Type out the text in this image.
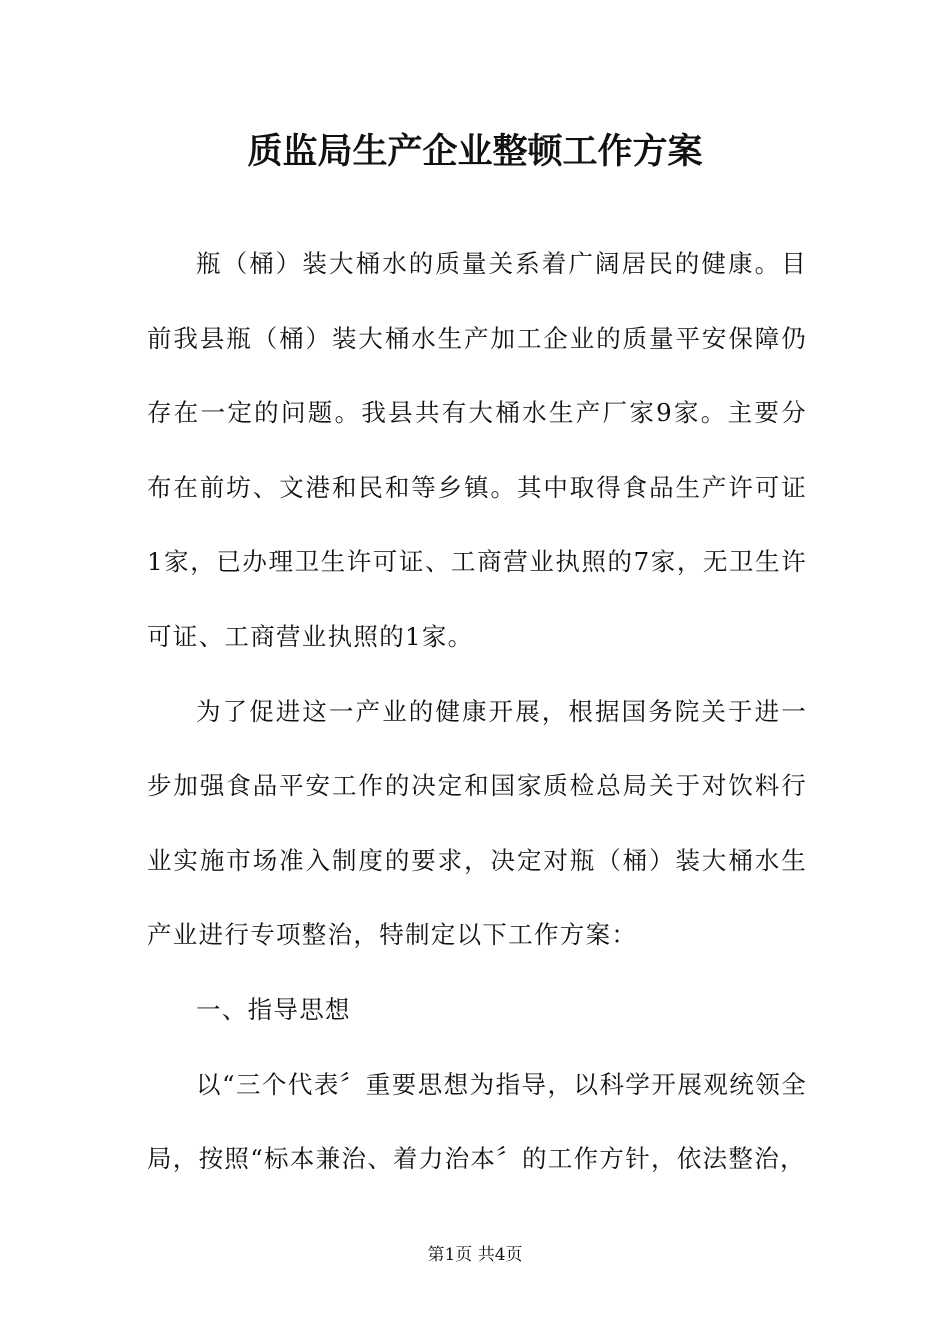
质监局生产企业整顿工作方案

瓶（桶）装大桶水的质量关系着广阔居民的健康。目前我县瓶（桶）装大桶水生产加工企业的质量平安保障仍存在一定的问题。我县共有大桶水生产厂家9家。主要分布在前坊、文港和民和等乡镇。其中取得食品生产许可证1家，已办理卫生许可证、工商营业执照的7家，无卫生许可证、工商营业执照的1家。

为了促进这一产业的健康开展，根据国务院关于进一步加强食品平安工作的决定和国家质检总局关于对饮料行业实施市场准入制度的要求，决定对瓶（桶）装大桶水生产业进行专项整治，特制定以下工作方案：

一、指导思想

以“三个代表〞重要思想为指导，以科学开展观统领全局，按照“标本兼治、着力治本〞的工作方针，依法整治，

第1页 共4页
